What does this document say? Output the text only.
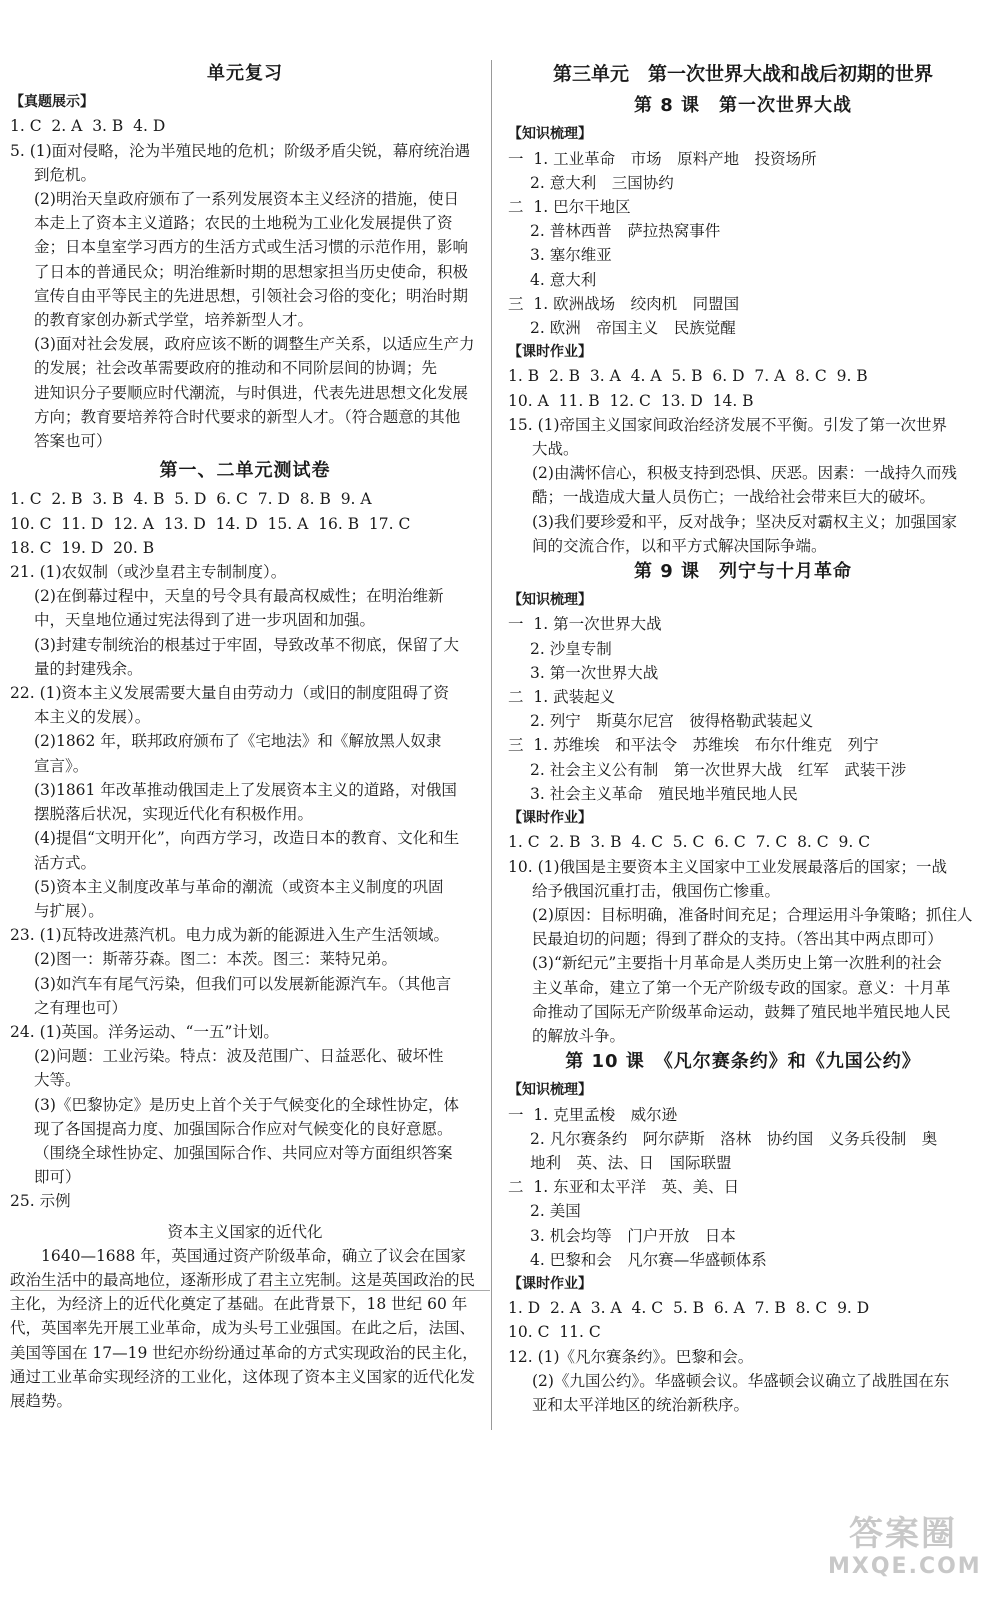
单元复习
【真题展示】
1. C  2. A  3. B  4. D
5. (1)面对侵略，沦为半殖民地的危机；阶级矛盾尖锐，幕府统治遇
到危机。
(2)明治天皇政府颁布了一系列发展资本主义经济的措施，使日
本走上了资本主义道路；农民的土地税为工业化发展提供了资
金；日本皇室学习西方的生活方式或生活习惯的示范作用，影响
了日本的普通民众；明治维新时期的思想家担当历史使命，积极
宣传自由平等民主的先进思想，引领社会习俗的变化；明治时期
的教育家创办新式学堂，培养新型人才。
(3)面对社会发展，政府应该不断的调整生产关系，以适应生产力
的发展；社会改革需要政府的推动和不同阶层间的协调；先
进知识分子要顺应时代潮流，与时俱进，代表先进思想文化发展
方向；教育要培养符合时代要求的新型人才。（符合题意的其他
答案也可）
第一、二单元测试卷
1. C  2. B  3. B  4. B  5. D  6. C  7. D  8. B  9. A
10. C  11. D  12. A  13. D  14. D  15. A  16. B  17. C
18. C  19. D  20. B
21. (1)农奴制（或沙皇君主专制制度）。
(2)在倒幕过程中，天皇的号令具有最高权威性；在明治维新
中，天皇地位通过宪法得到了进一步巩固和加强。
(3)封建专制统治的根基过于牢固，导致改革不彻底，保留了大
量的封建残余。
22. (1)资本主义发展需要大量自由劳动力（或旧的制度阻碍了资
本主义的发展）。
(2)1862 年，联邦政府颁布了《宅地法》和《解放黑人奴隶
宣言》。
(3)1861 年改革推动俄国走上了发展资本主义的道路，对俄国
摆脱落后状况，实现近代化有积极作用。
(4)提倡“文明开化”，向西方学习，改造日本的教育、文化和生
活方式。
(5)资本主义制度改革与革命的潮流（或资本主义制度的巩固
与扩展）。
23. (1)瓦特改进蒸汽机。电力成为新的能源进入生产生活领域。
(2)图一：斯蒂芬森。图二：本茨。图三：莱特兄弟。
(3)如汽车有尾气污染，但我们可以发展新能源汽车。（其他言
之有理也可）
24. (1)英国。洋务运动、“一五”计划。
(2)问题：工业污染。特点：波及范围广、日益恶化、破坏性
大等。
(3)《巴黎协定》是历史上首个关于气候变化的全球性协定，体
现了各国提高力度、加强国际合作应对气候变化的良好意愿。
（围绕全球性协定、加强国际合作、共同应对等方面组织答案
即可）
25. 示例
资本主义国家的近代化
1640—1688 年，英国通过资产阶级革命，确立了议会在国家政治生活中的最高地位，逐渐形成了君主立宪制。这是英国政治的民主化，为经济上的近代化奠定了基础。在此背景下，18 世纪 60 年代，英国率先开展工业革命，成为头号工业强国。在此之后，法国、美国等国在 17—19 世纪亦纷纷通过革命的方式实现政治的民主化，通过工业革命实现经济的工业化，这体现了资本主义国家的近代化发展趋势。
第三单元　第一次世界大战和战后初期的世界
第 8 课　第一次世界大战
【知识梳理】
一  1. 工业革命　市场　原料产地　投资场所
2. 意大利　三国协约
二  1. 巴尔干地区
2. 普林西普　萨拉热窝事件
3. 塞尔维亚
4. 意大利
三  1. 欧洲战场　绞肉机　同盟国
2. 欧洲　帝国主义　民族觉醒
【课时作业】
1. B  2. B  3. A  4. A  5. B  6. D  7. A  8. C  9. B
10. A  11. B  12. C  13. D  14. B
15. (1)帝国主义国家间政治经济发展不平衡。引发了第一次世界
大战。
(2)由满怀信心，积极支持到恐惧、厌恶。因素：一战持久而残
酷；一战造成大量人员伤亡；一战给社会带来巨大的破坏。
(3)我们要珍爱和平，反对战争；坚决反对霸权主义；加强国家
间的交流合作，以和平方式解决国际争端。
第 9 课　列宁与十月革命
【知识梳理】
一  1. 第一次世界大战
2. 沙皇专制
3. 第一次世界大战
二  1. 武装起义
2. 列宁　斯莫尔尼宫　彼得格勒武装起义
三  1. 苏维埃　和平法令　苏维埃　布尔什维克　列宁
2. 社会主义公有制　第一次世界大战　红军　武装干涉
3. 社会主义革命　殖民地半殖民地人民
【课时作业】
1. C  2. B  3. B  4. C  5. C  6. C  7. C  8. C  9. C
10. (1)俄国是主要资本主义国家中工业发展最落后的国家；一战
给予俄国沉重打击，俄国伤亡惨重。
(2)原因：目标明确，准备时间充足；合理运用斗争策略；抓住人
民最迫切的问题；得到了群众的支持。（答出其中两点即可）
(3)“新纪元”主要指十月革命是人类历史上第一次胜利的社会
主义革命，建立了第一个无产阶级专政的国家。意义：十月革
命推动了国际无产阶级革命运动，鼓舞了殖民地半殖民地人民
的解放斗争。
第 10 课　《凡尔赛条约》和《九国公约》
【知识梳理】
一  1. 克里孟梭　威尔逊
2. 凡尔赛条约　阿尔萨斯　洛林　协约国　义务兵役制　奥
地利　英、法、日　国际联盟
二  1. 东亚和太平洋　英、美、日
2. 美国
3. 机会均等　门户开放　日本
4. 巴黎和会　凡尔赛—华盛顿体系
【课时作业】
1. D  2. A  3. A  4. C  5. B  6. A  7. B  8. C  9. D
10. C  11. C
12. (1)《凡尔赛条约》。巴黎和会。
(2)《九国公约》。华盛顿会议。华盛顿会议确立了战胜国在东
亚和太平洋地区的统治新秩序。
答案圈
MXQE.COM
